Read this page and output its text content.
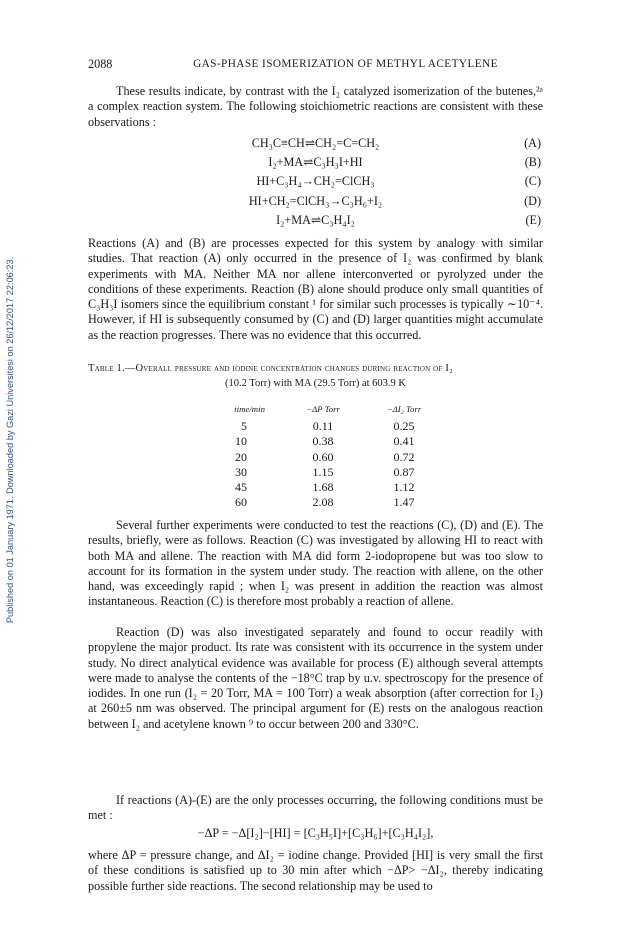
Published on 01 January 1971. Downloaded by Gazi Universitesi on 26/12/2017 22:06:23.
2088	GAS-PHASE ISOMERIZATION OF METHYL ACETYLENE

These results indicate, by contrast with the I₂ catalyzed isomerization of the butenes,²ᵃ a complex reaction system. The following stoichiometric reactions are consistent with these observations :

CH₃C≡CH⇌CH₂=C=CH₂	(A)
I₂+MA⇌C₃H₃I+HI	(B)
HI+C₃H₄→CH₂=ClCH₃	(C)
HI+CH₂=ClCH₃→C₃H₆+I₂	(D)
I₂+MA⇌C₃H₄I₂	(E)

Reactions (A) and (B) are processes expected for this system by analogy with similar studies. That reaction (A) only occurred in the presence of I₂ was confirmed by blank experiments with MA. Neither MA nor allene interconverted or pyrolyzed under the conditions of these experiments. Reaction (B) alone should produce only small quantities of C₃H₃I isomers since the equilibrium constant ¹ for similar such processes is typically ∼10⁻⁴. However, if HI is subsequently consumed by (C) and (D) larger quantities might accumulate as the reaction progresses. There was no evidence that this occurred.

Table 1.—Overall pressure and iodine concentration changes during reaction of I₂
(10.2 Torr) with MA (29.5 Torr) at 603.9 K
time/min	−ΔP Torr	−ΔI₂ Torr
5	0.11	0.25
10	0.38	0.41
20	0.60	0.72
30	1.15	0.87
45	1.68	1.12
60	2.08	1.47

Several further experiments were conducted to test the reactions (C), (D) and (E). The results, briefly, were as follows. Reaction (C) was investigated by allowing HI to react with both MA and allene. The reaction with MA did form 2-iodopropene but was too slow to account for its formation in the system under study. The reaction with allene, on the other hand, was exceedingly rapid ; when I₂ was present in addition the reaction was almost instantaneous. Reaction (C) is therefore most probably a reaction of allene.

Reaction (D) was also investigated separately and found to occur readily with propylene the major product. Its rate was consistent with its occurrence in the system under study. No direct analytical evidence was available for process (E) although several attempts were made to analyse the contents of the −18°C trap by u.v. spectroscopy for the presence of iodides. In one run (I₂ = 20 Torr, MA = 100 Torr) a weak absorption (after correction for I₂) at 260±5 nm was observed. The principal argument for (E) rests on the analogous reaction between I₂ and acetylene known ⁹ to occur between 200 and 330°C.

If reactions (A)-(E) are the only processes occurring, the following conditions must be met :

−ΔP = −Δ[I₂]−[HI] = [C₃H₅I]+[C₃H₆]+[C₃H₄I₂],

where ΔP = pressure change, and ΔI₂ = iodine change. Provided [HI] is very small the first of these conditions is satisfied up to 30 min after which −ΔP> −ΔI₂, thereby indicating possible further side reactions. The second relationship may be used to
